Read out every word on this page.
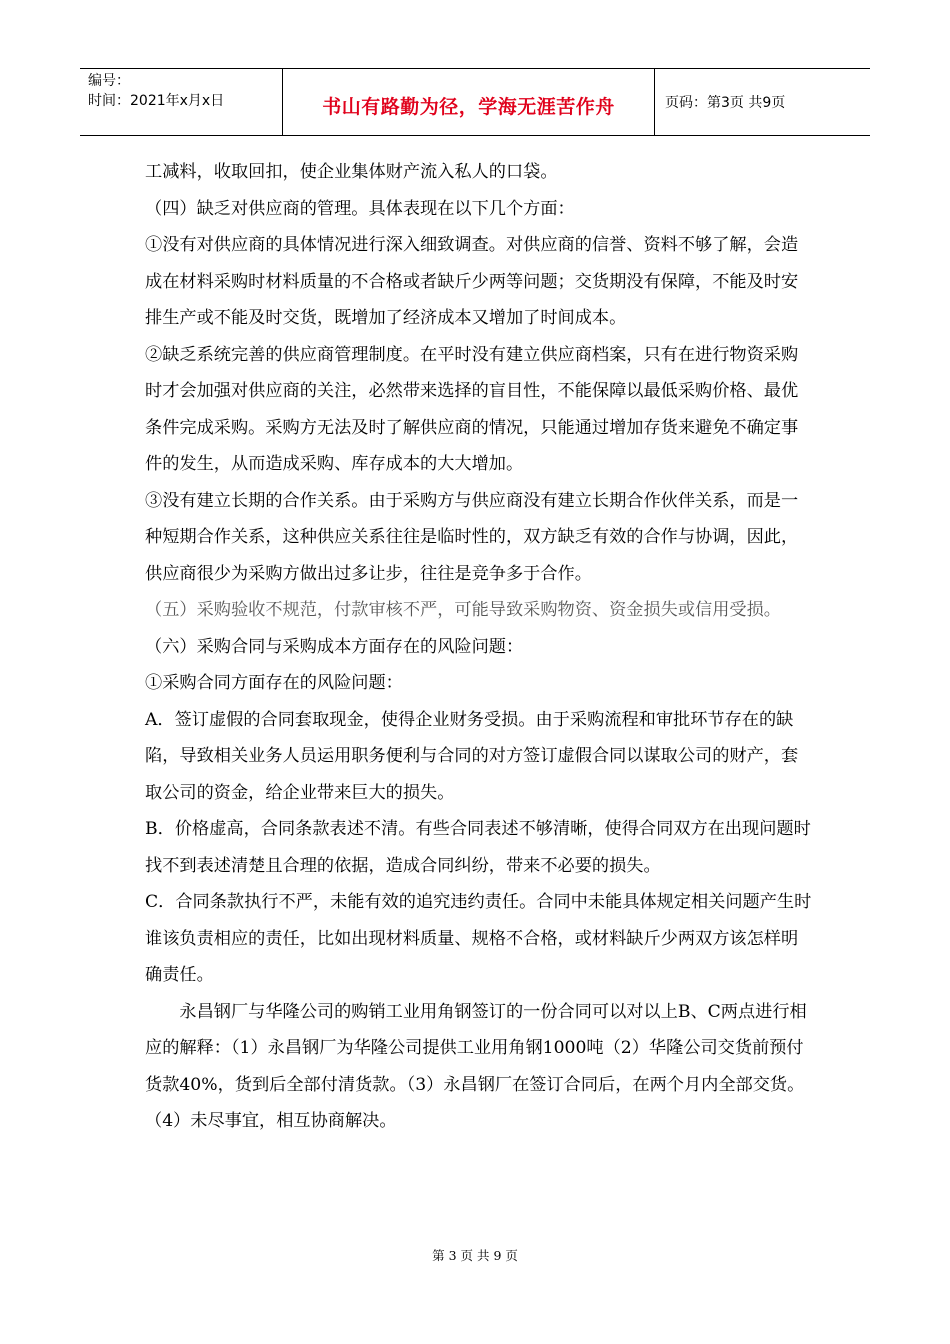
编号：
时间：2021年x月x日	书山有路勤为径，学海无涯苦作舟	页码：第3页 共9页

工减料，收取回扣，使企业集体财产流入私人的口袋。

（四）缺乏对供应商的管理。具体表现在以下几个方面：

①没有对供应商的具体情况进行深入细致调查。对供应商的信誉、资料不够了解，会造成在材料采购时材料质量的不合格或者缺斤少两等问题；交货期没有保障，不能及时安排生产或不能及时交货，既增加了经济成本又增加了时间成本。

②缺乏系统完善的供应商管理制度。在平时没有建立供应商档案，只有在进行物资采购时才会加强对供应商的关注，必然带来选择的盲目性，不能保障以最低采购价格、最优条件完成采购。采购方无法及时了解供应商的情况，只能通过增加存货来避免不确定事件的发生，从而造成采购、库存成本的大大增加。

③没有建立长期的合作关系。由于采购方与供应商没有建立长期合作伙伴关系，而是一种短期合作关系，这种供应关系往往是临时性的，双方缺乏有效的合作与协调，因此，供应商很少为采购方做出过多让步，往往是竞争多于合作。

（五）采购验收不规范，付款审核不严，可能导致采购物资、资金损失或信用受损。

（六）采购合同与采购成本方面存在的风险问题：

①采购合同方面存在的风险问题：

A．签订虚假的合同套取现金，使得企业财务受损。由于采购流程和审批环节存在的缺陷，导致相关业务人员运用职务便利与合同的对方签订虚假合同以谋取公司的财产，套取公司的资金，给企业带来巨大的损失。

B．价格虚高，合同条款表述不清。有些合同表述不够清晰，使得合同双方在出现问题时找不到表述清楚且合理的依据，造成合同纠纷，带来不必要的损失。

C．合同条款执行不严，未能有效的追究违约责任。合同中未能具体规定相关问题产生时谁该负责相应的责任，比如出现材料质量、规格不合格，或材料缺斤少两双方该怎样明确责任。

永昌钢厂与华隆公司的购销工业用角钢签订的一份合同可以对以上B、C两点进行相应的解释：（1）永昌钢厂为华隆公司提供工业用角钢1000吨（2）华隆公司交货前预付货款40%，货到后全部付清货款。（3）永昌钢厂在签订合同后，在两个月内全部交货。（4）未尽事宜，相互协商解决。

第 3 页 共 9 页
